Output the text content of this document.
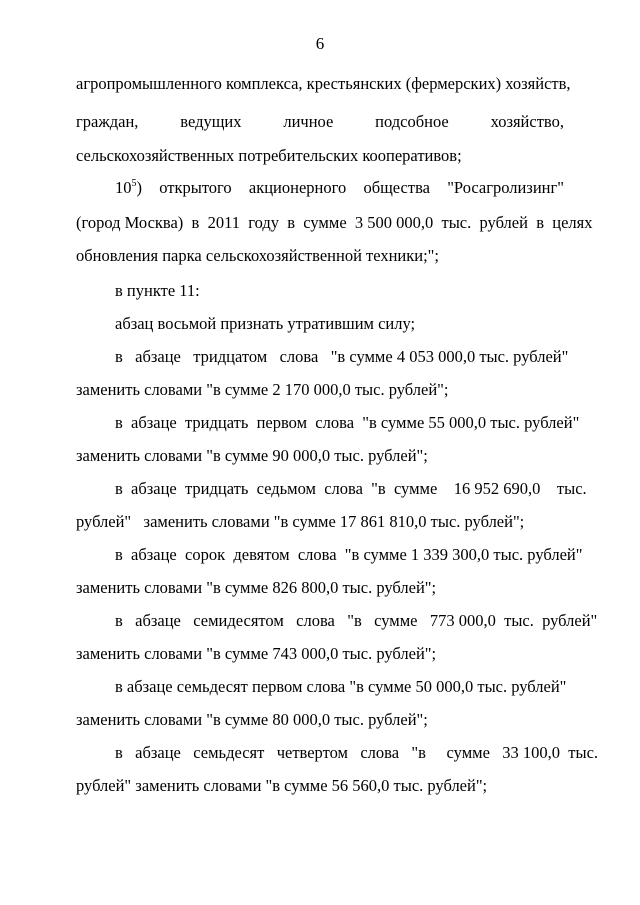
6
агропромышленного комплекса, крестьянских (фермерских) хозяйств,
граждан,	ведущих	личное	подсобное	хозяйство,
сельскохозяйственных потребительских кооперативов;
$10^5$) открытого акционерного общества "Росагролизинг"
(город Москва)  в  2011  году  в  сумме  3 500 000,0  тыс.  рублей  в  целях
обновления парка сельскохозяйственной техники;";
в пункте 11:
абзац восьмой признать утратившим силу;
в   абзаце   тридцатом   слова   "в сумме 4 053 000,0 тыс. рублей"
заменить словами "в сумме 2 170 000,0 тыс. рублей";
в  абзаце  тридцать  первом  слова  "в сумме 55 000,0 тыс. рублей"
заменить словами "в сумме 90 000,0 тыс. рублей";
в  абзаце  тридцать  седьмом  слова  "в  сумме    16 952 690,0    тыс.
рублей"   заменить словами "в сумме 17 861 810,0 тыс. рублей";
в  абзаце  сорок  девятом  слова  "в сумме 1 339 300,0 тыс. рублей"
заменить словами "в сумме 826 800,0 тыс. рублей";
в   абзаце   семидесятом   слова   "в   сумме   773 000,0  тыс.  рублей"
заменить словами "в сумме 743 000,0 тыс. рублей";
в абзаце семьдесят первом слова "в сумме 50 000,0 тыс. рублей"
заменить словами "в сумме 80 000,0 тыс. рублей";
в   абзаце   семьдесят   четвертом   слова   "в     сумме   33 100,0  тыс.
рублей" заменить словами "в сумме 56 560,0 тыс. рублей";
